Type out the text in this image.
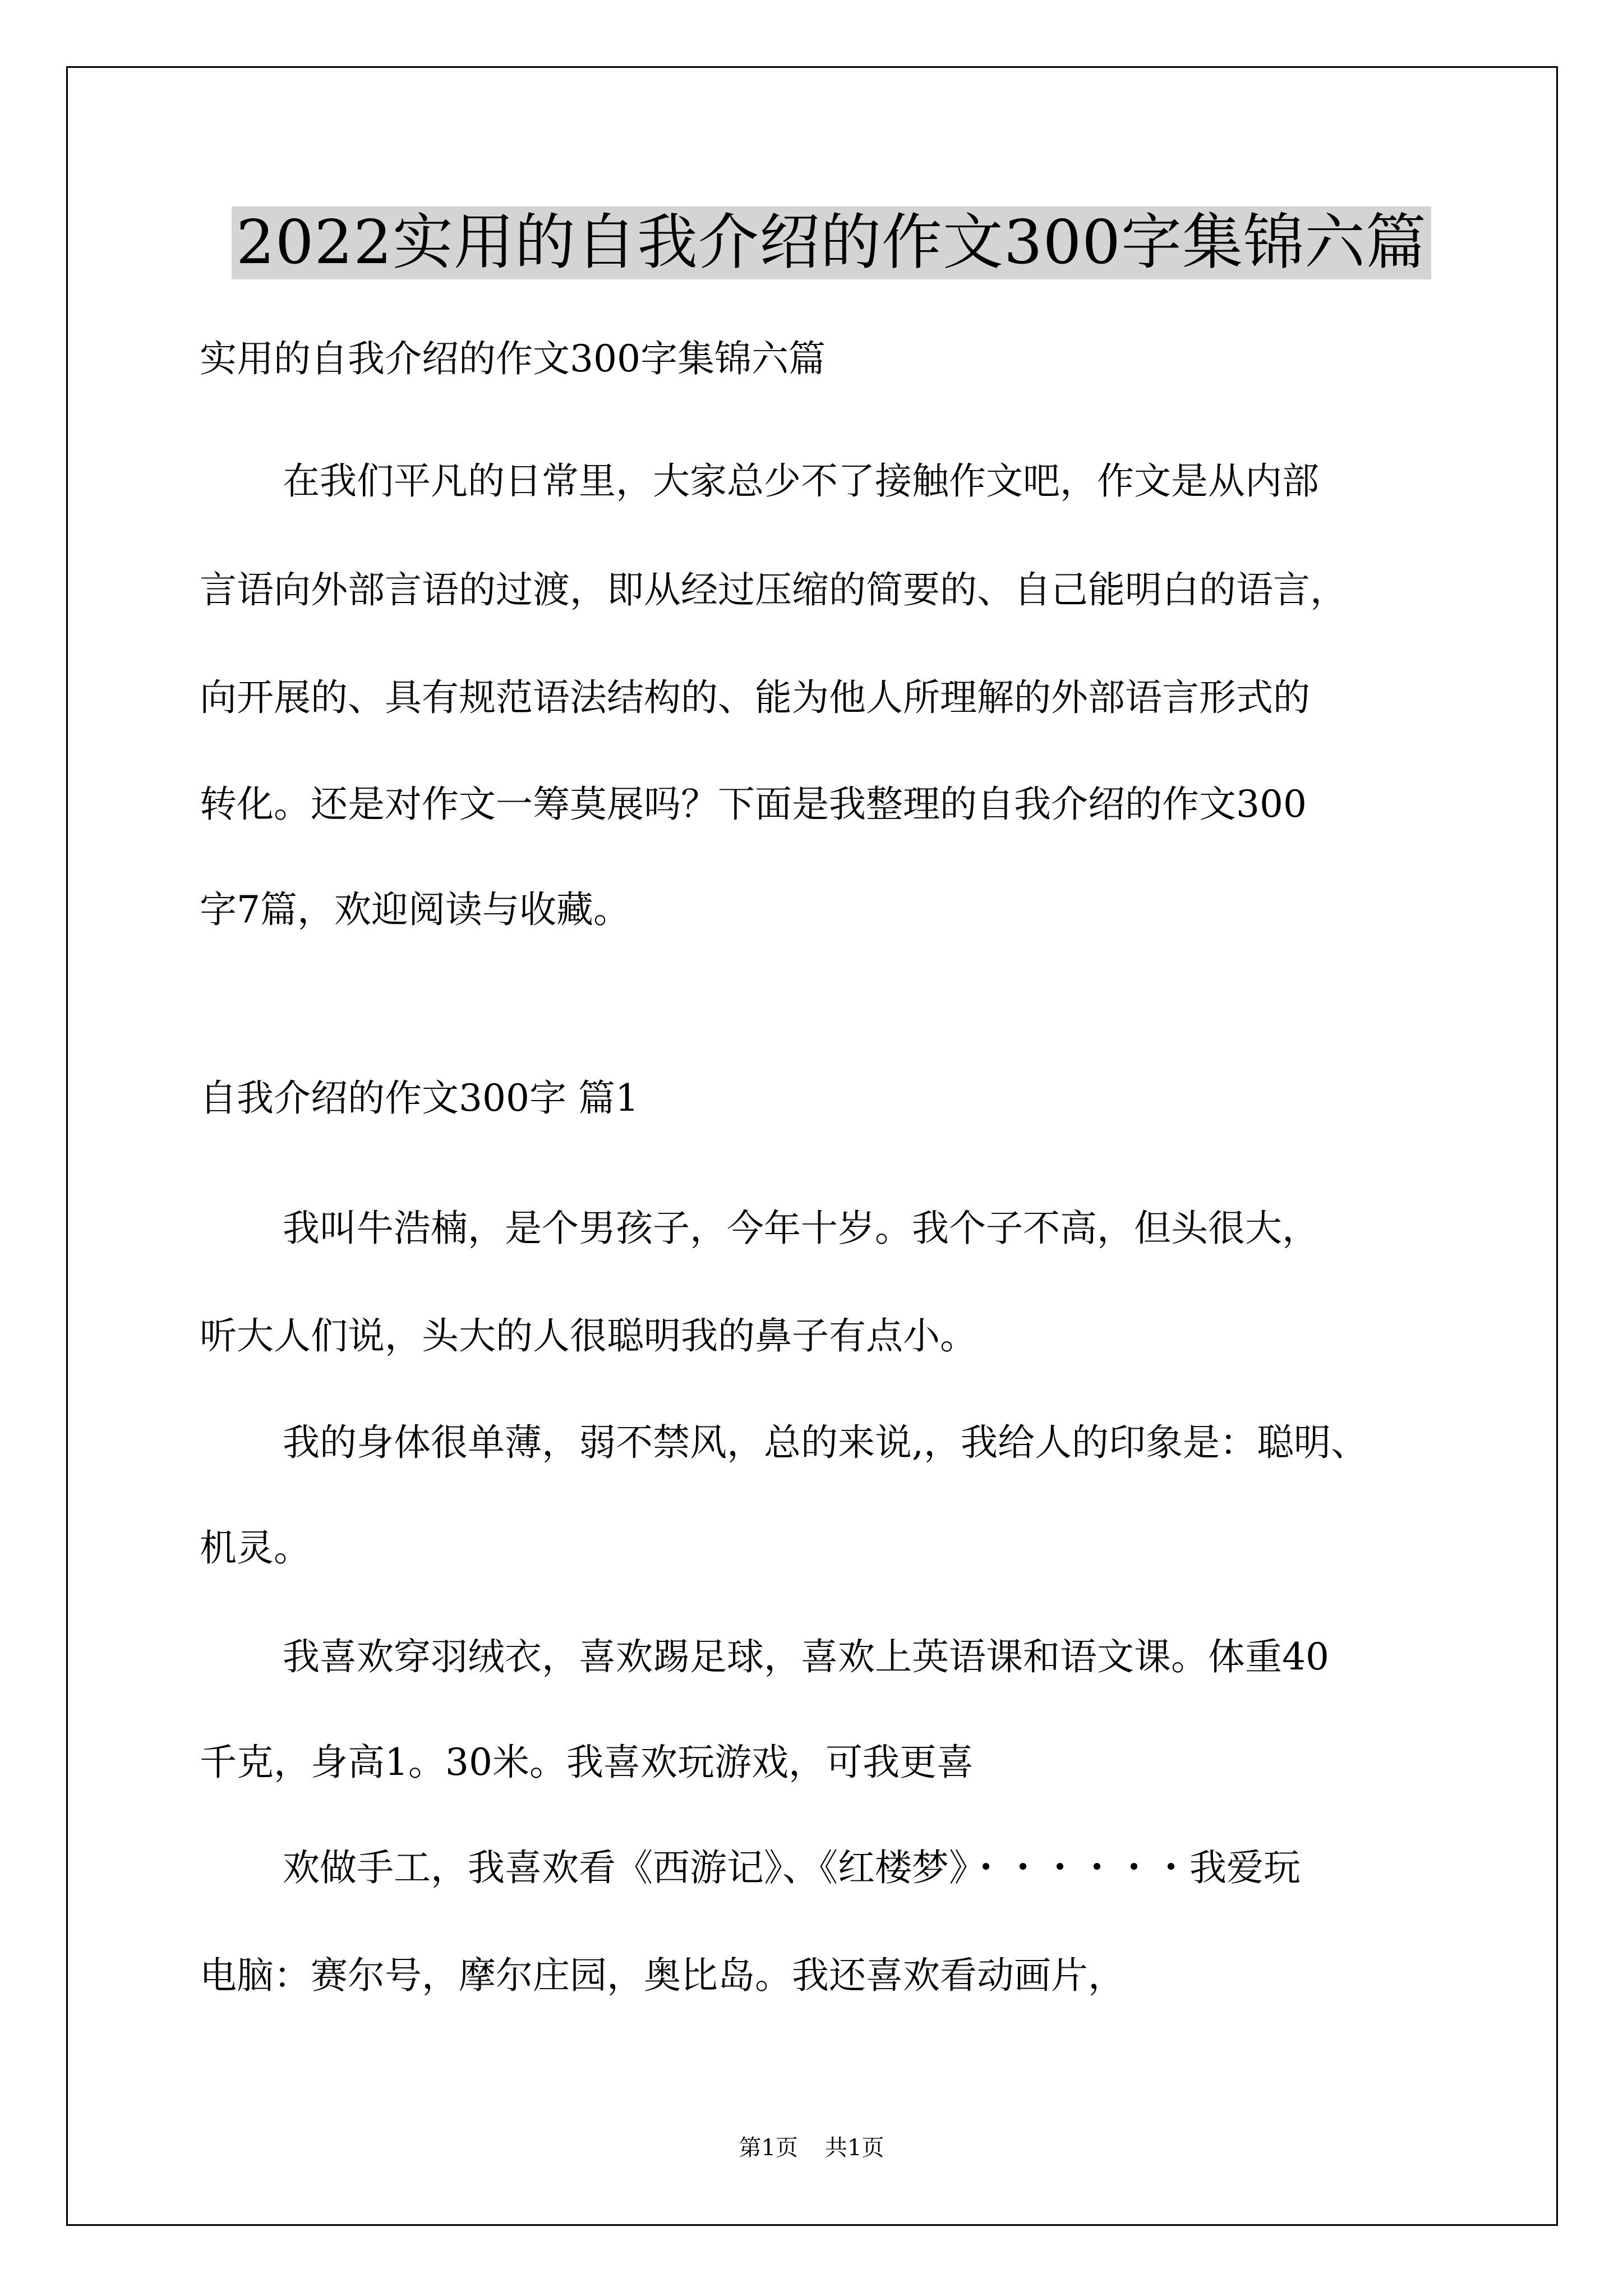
2022实用的自我介绍的作文300字集锦六篇
实用的自我介绍的作文300字集锦六篇
在我们平凡的日常里，大家总少不了接触作文吧，作文是从内部
言语向外部言语的过渡，即从经过压缩的简要的、自己能明白的语言，
向开展的、具有规范语法结构的、能为他人所理解的外部语言形式的
转化。还是对作文一筹莫展吗？下面是我整理的自我介绍的作文300
字7篇，欢迎阅读与收藏。
自我介绍的作文300字 篇1
我叫牛浩楠，是个男孩子，今年十岁。我个子不高，但头很大，
听大人们说，头大的人很聪明我的鼻子有点小。
我的身体很单薄，弱不禁风，总的来说,，我给人的印象是：聪明、
机灵。
我喜欢穿羽绒衣，喜欢踢足球，喜欢上英语课和语文课。体重40
千克，身高1。30米。我喜欢玩游戏，可我更喜
欢做手工，我喜欢看《西游记》、《红楼梦》・・・・・・我爱玩
电脑：赛尔号，摩尔庄园，奥比岛。我还喜欢看动画片，
第1页 共1页
